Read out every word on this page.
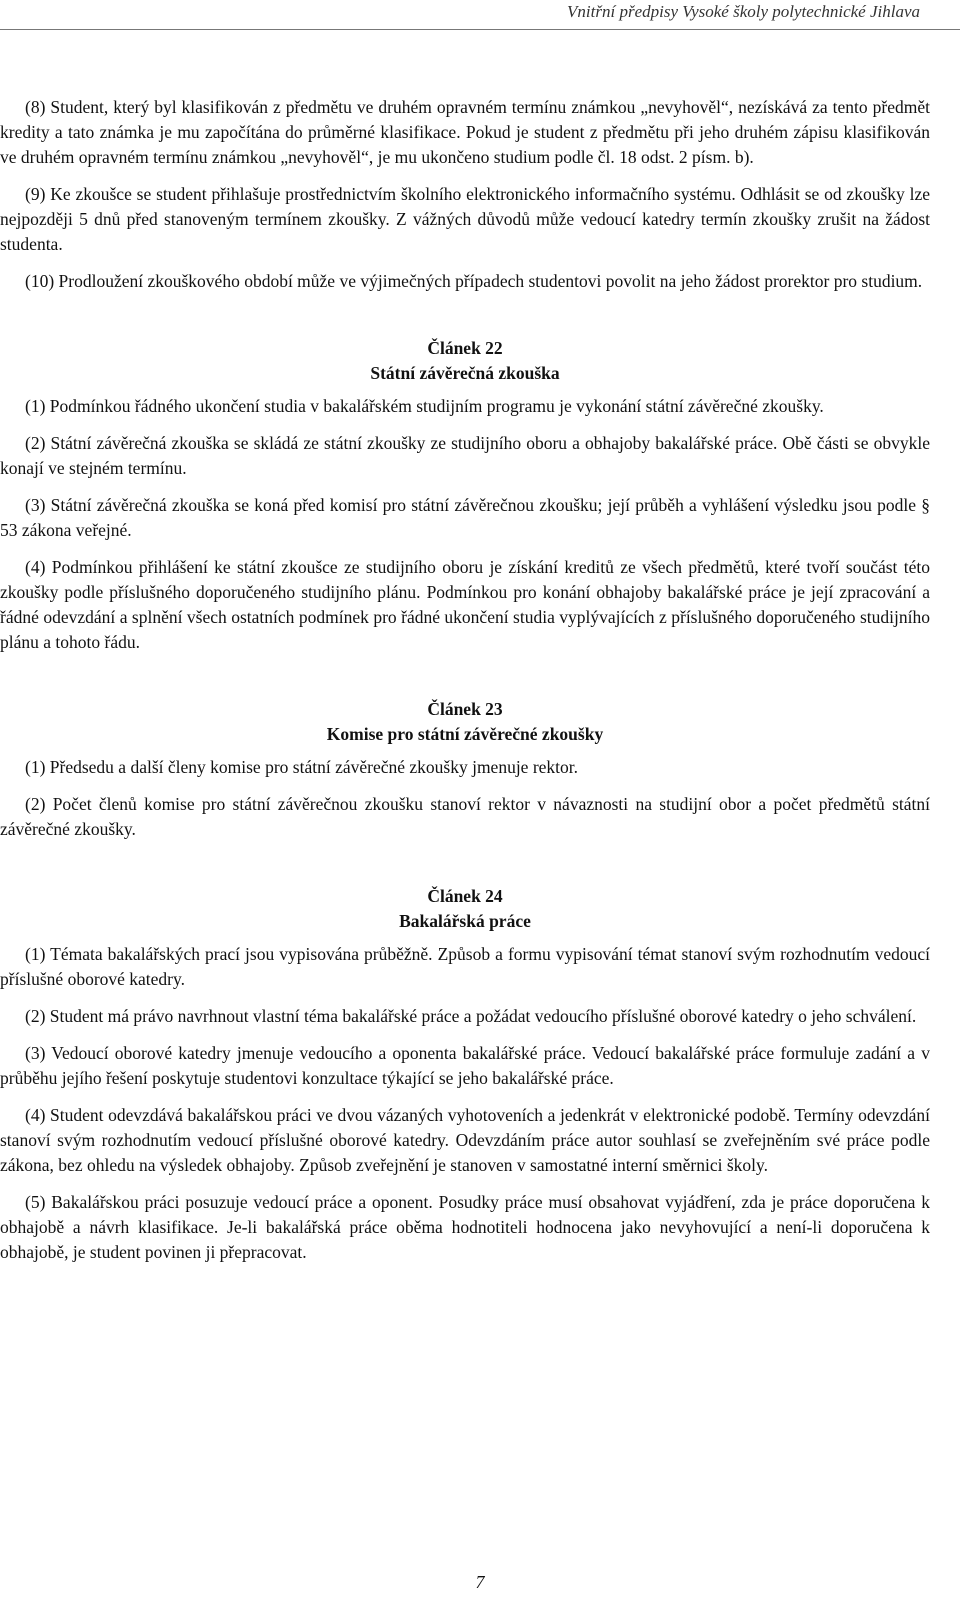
Vnitřní předpisy Vysoké školy polytechnické Jihlava

(8) Student, který byl klasifikován z předmětu ve druhém opravném termínu známkou „nevyhověl“, nezískává za tento předmět kredity a tato známka je mu započítána do průměrné klasifikace. Pokud je student z předmětu při jeho druhém zápisu klasifikován ve druhém opravném termínu známkou „nevyhověl“, je mu ukončeno studium podle čl. 18 odst. 2 písm. b).

(9) Ke zkoušce se student přihlašuje prostřednictvím školního elektronického informačního systému. Odhlásit se od zkoušky lze nejpozději 5 dnů před stanoveným termínem zkoušky. Z vážných důvodů může vedoucí katedry termín zkoušky zrušit na žádost studenta.

(10) Prodloužení zkouškového období může ve výjimečných případech studentovi povolit na jeho žádost prorektor pro studium.

Článek 22
Státní závěrečná zkouška

(1) Podmínkou řádného ukončení studia v bakalářském studijním programu je vykonání státní závěrečné zkoušky.

(2) Státní závěrečná zkouška se skládá ze státní zkoušky ze studijního oboru a obhajoby bakalářské práce. Obě části se obvykle konají ve stejném termínu.

(3) Státní závěrečná zkouška se koná před komisí pro státní závěrečnou zkoušku; její průběh a vyhlášení výsledku jsou podle § 53 zákona veřejné.

(4) Podmínkou přihlášení ke státní zkoušce ze studijního oboru je získání kreditů ze všech předmětů, které tvoří součást této zkoušky podle příslušného doporučeného studijního plánu. Podmínkou pro konání obhajoby bakalářské práce je její zpracování a řádné odevzdání a splnění všech ostatních podmínek pro řádné ukončení studia vyplývajících z příslušného doporučeného studijního plánu a tohoto řádu.

Článek 23
Komise pro státní závěrečné zkoušky

(1) Předsedu a další členy komise pro státní závěrečné zkoušky jmenuje rektor.

(2) Počet členů komise pro státní závěrečnou zkoušku stanoví rektor v návaznosti na studijní obor a počet předmětů státní závěrečné zkoušky.

Článek 24
Bakalářská práce

(1) Témata bakalářských prací jsou vypisována průběžně. Způsob a formu vypisování témat stanoví svým rozhodnutím vedoucí příslušné oborové katedry.

(2) Student má právo navrhnout vlastní téma bakalářské práce a požádat vedoucího příslušné oborové katedry o jeho schválení.

(3) Vedoucí oborové katedry jmenuje vedoucího a oponenta bakalářské práce. Vedoucí bakalářské práce formuluje zadání a v průběhu jejího řešení poskytuje studentovi konzultace týkající se jeho bakalářské práce.

(4) Student odevzdává bakalářskou práci ve dvou vázaných vyhotoveních a jedenkrát v elektronické podobě. Termíny odevzdání stanoví svým rozhodnutím vedoucí příslušné oborové katedry. Odevzdáním práce autor souhlasí se zveřejněním své práce podle zákona, bez ohledu na výsledek obhajoby. Způsob zveřejnění je stanoven v samostatné interní směrnici školy.

(5) Bakalářskou práci posuzuje vedoucí práce a oponent. Posudky práce musí obsahovat vyjádření, zda je práce doporučena k obhajobě a návrh klasifikace. Je-li bakalářská práce oběma hodnotiteli hodnocena jako nevyhovující a není-li doporučena k obhajobě, je student povinen ji přepracovat.

7
